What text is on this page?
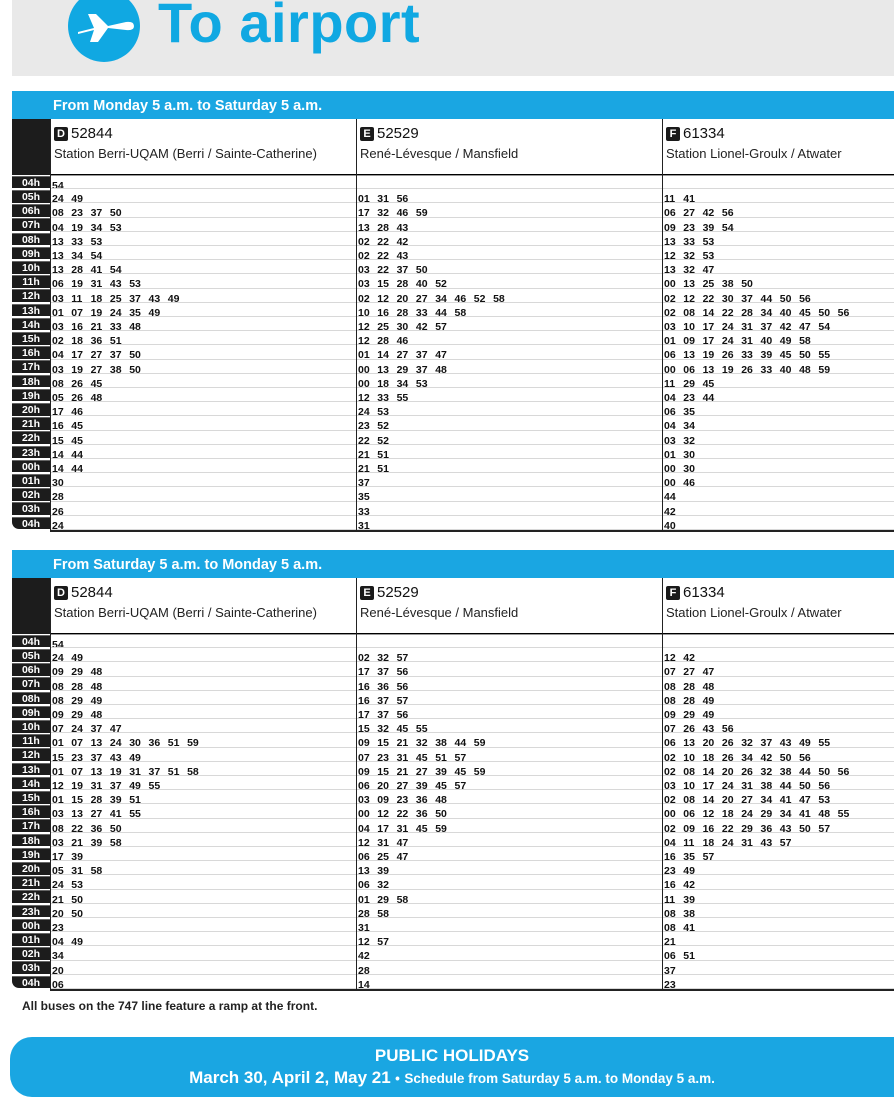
To airport
From Monday 5 a.m. to Saturday 5 a.m.
04h
05h
06h
07h
08h
09h
10h
11h
12h
13h
14h
15h
16h
17h
18h
19h
20h
21h
22h
23h
00h
01h
02h
03h
04h
D 52844
Station Berri-UQAM (Berri / Sainte-Catherine)
54
24 49
08 23 37 50
04 19 34 53
13 33 53
13 34 54
13 28 41 54
06 19 31 43 53
03 11 18 25 37 43 49
01 07 19 24 35 49
03 16 21 33 48
02 18 36 51
04 17 27 37 50
03 19 27 38 50
08 26 45
05 26 48
17 46
16 45
15 45
14 44
14 44
30
28
26
24
E 52529
René-Lévesque / Mansfield
01 31 56
17 32 46 59
13 28 43
02 22 42
02 22 43
03 22 37 50
03 15 28 40 52
02 12 20 27 34 46 52 58
10 16 28 33 44 58
12 25 30 42 57
12 28 46
01 14 27 37 47
00 13 29 37 48
00 18 34 53
12 33 55
24 53
23 52
22 52
21 51
21 51
37
35
33
31
F 61334
Station Lionel-Groulx / Atwater
11 41
06 27 42 56
09 23 39 54
13 33 53
12 32 53
13 32 47
00 13 25 38 50
02 12 22 30 37 44 50 56
02 08 14 22 28 34 40 45 50 56
03 10 17 24 31 37 42 47 54
01 09 17 24 31 40 49 58
06 13 19 26 33 39 45 50 55
00 06 13 19 26 33 40 48 59
11 29 45
04 23 44
06 35
04 34
03 32
01 30
00 30
00 46
44
42
40
From Saturday 5 a.m. to Monday 5 a.m.
04h
05h
06h
07h
08h
09h
10h
11h
12h
13h
14h
15h
16h
17h
18h
19h
20h
21h
22h
23h
00h
01h
02h
03h
04h
D 52844
Station Berri-UQAM (Berri / Sainte-Catherine)
54
24 49
09 29 48
08 28 48
08 29 49
09 29 48
07 24 37 47
01 07 13 24 30 36 51 59
15 23 37 43 49
01 07 13 19 31 37 51 58
12 19 31 37 49 55
01 15 28 39 51
03 13 27 41 55
08 22 36 50
03 21 39 58
17 39
05 31 58
24 53
21 50
20 50
23
04 49
34
20
06
E 52529
René-Lévesque / Mansfield
02 32 57
17 37 56
16 36 56
16 37 57
17 37 56
15 32 45 55
09 15 21 32 38 44 59
07 23 31 45 51 57
09 15 21 27 39 45 59
06 20 27 39 45 57
03 09 23 36 48
00 12 22 36 50
04 17 31 45 59
12 31 47
06 25 47
13 39
06 32
01 29 58
28 58
31
12 57
42
28
14
F 61334
Station Lionel-Groulx / Atwater
12 42
07 27 47
08 28 48
08 28 49
09 29 49
07 26 43 56
06 13 20 26 32 37 43 49 55
02 10 18 26 34 42 50 56
02 08 14 20 26 32 38 44 50 56
03 10 17 24 31 38 44 50 56
02 08 14 20 27 34 41 47 53
00 06 12 18 24 29 34 41 48 55
02 09 16 22 29 36 43 50 57
04 11 18 24 31 43 57
16 35 57
23 49
16 42
11 39
08 38
08 41
21
06 51
37
23
All buses on the 747 line feature a ramp at the front.
PUBLIC HOLIDAYS
March 30, April 2, May 21 • Schedule from Saturday 5 a.m. to Monday 5 a.m.
